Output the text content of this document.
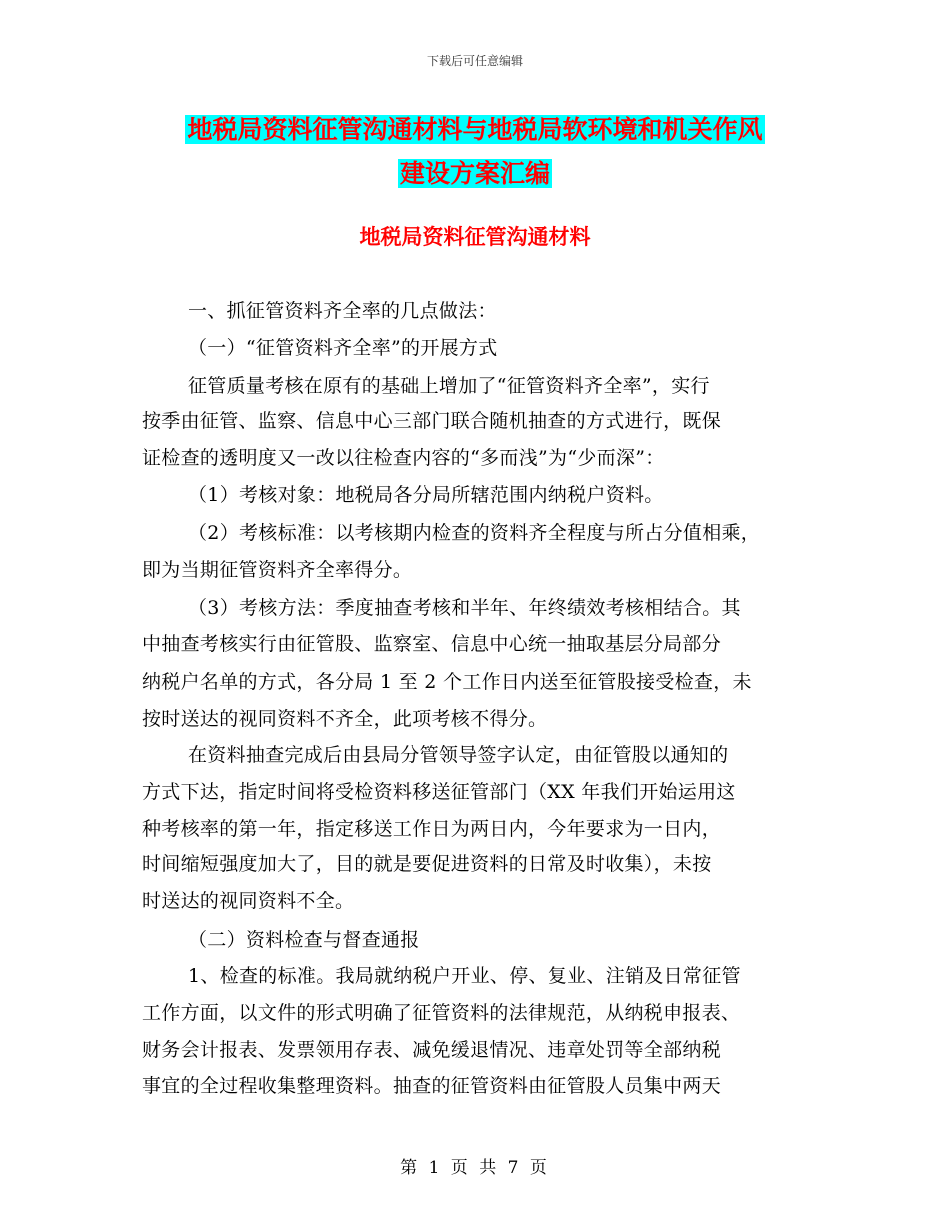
下载后可任意编辑
地税局资料征管沟通材料与地税局软环境和机关作风
建设方案汇编
地税局资料征管沟通材料
一、抓征管资料齐全率的几点做法：
（一）“征管资料齐全率”的开展方式
征管质量考核在原有的基础上增加了“征管资料齐全率”，实行
按季由征管、监察、信息中心三部门联合随机抽查的方式进行，既保
证检查的透明度又一改以往检查内容的“多而浅”为“少而深”：
（1）考核对象：地税局各分局所辖范围内纳税户资料。
（2）考核标准：以考核期内检查的资料齐全程度与所占分值相乘，
即为当期征管资料齐全率得分。
（3）考核方法：季度抽查考核和半年、年终绩效考核相结合。其
中抽查考核实行由征管股、监察室、信息中心统一抽取基层分局部分
纳税户名单的方式，各分局 1 至 2 个工作日内送至征管股接受检查，未
按时送达的视同资料不齐全，此项考核不得分。
在资料抽查完成后由县局分管领导签字认定，由征管股以通知的
方式下达，指定时间将受检资料移送征管部门（XX 年我们开始运用这
种考核率的第一年，指定移送工作日为两日内，今年要求为一日内，
时间缩短强度加大了，目的就是要促进资料的日常及时收集），未按
时送达的视同资料不全。
（二）资料检查与督查通报
1、检查的标准。我局就纳税户开业、停、复业、注销及日常征管
工作方面，以文件的形式明确了征管资料的法律规范，从纳税申报表、
财务会计报表、发票领用存表、减免缓退情况、违章处罚等全部纳税
事宜的全过程收集整理资料。抽查的征管资料由征管股人员集中两天
第 1 页 共 7 页
